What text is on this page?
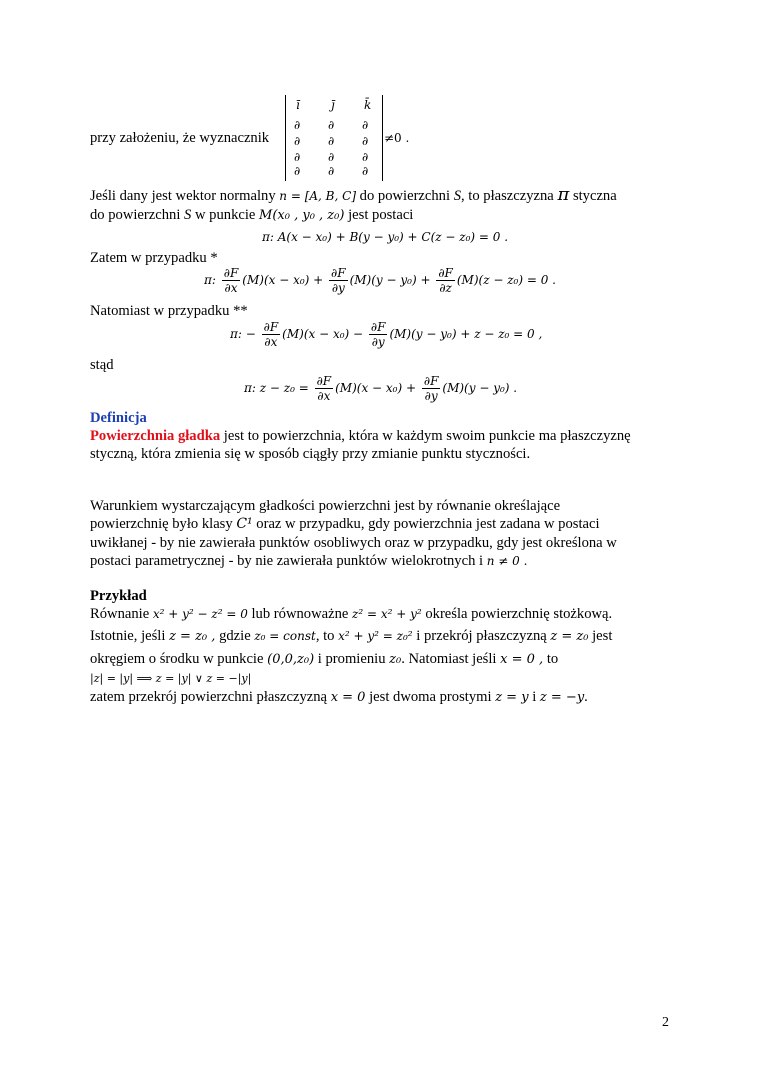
przy założeniu, że wyznacznik
ī	j̄ k̄
∂ ∂ ∂
∂ ∂ ∂
∂ ∂ ∂
∂ ∂ ∂
≠0 .
Jeśli dany jest wektor normalny n = [A, B, C] do powierzchni S, to płaszczyzna π styczna
do powierzchni S w punkcie M(x₀ , y₀ , z₀) jest postaci
π: A(x − x₀) + B(y − y₀) + C(z − z₀) = 0 .
Zatem w przypadku *
π: $\frac{\partial F}{\partial x} (M)(x - x_0) + \frac{\partial F}{\partial y} (M)(y - y_0) + \frac{\partial F}{\partial z} (M)(z - z_0) = 0$ .
Natomiast w przypadku **
π: − $\frac{\partial F}{\partial x} (M)(x - x_0) - \frac{\partial F}{\partial y} (M)(y - y_0) + z - z_0 = 0$ ,
stąd
π: $z - z_0 = \frac{\partial F}{\partial x} (M)(x - x_0) + \frac{\partial F}{\partial y} (M)(y - y_0)$ .
Definicja
Powierzchnia gładka jest to powierzchnia, która w każdym swoim punkcie ma płaszczyznę
styczną, która zmienia się w sposób ciągły przy zmianie punktu styczności.
Warunkiem wystarczającym gładkości powierzchni jest by równanie określające
powierzchnię było klasy C¹ oraz w przypadku, gdy powierzchnia jest zadana w postaci
uwikłanej - by nie zawierała punktów osobliwych oraz w przypadku, gdy jest określona w
postaci parametrycznej - by nie zawierała punktów wielokrotnych i n ≠ 0 .
Przykład
Równanie x² + y² − z² = 0 lub równoważne z² = x² + y² określa powierzchnię stożkową.
Istotnie, jeśli z = z₀ , gdzie z₀ = const, to x² + y² = z₀² i przekrój płaszczyzną z = z₀ jest
okręgiem o środku w punkcie (0,0,z₀) i promieniu z₀. Natomiast jeśli x = 0 , to
|z| = |y| ⟹ z = |y| ∨ z = −|y|
zatem przekrój powierzchni płaszczyzną x = 0 jest dwoma prostymi z = y i z = −y.
2
